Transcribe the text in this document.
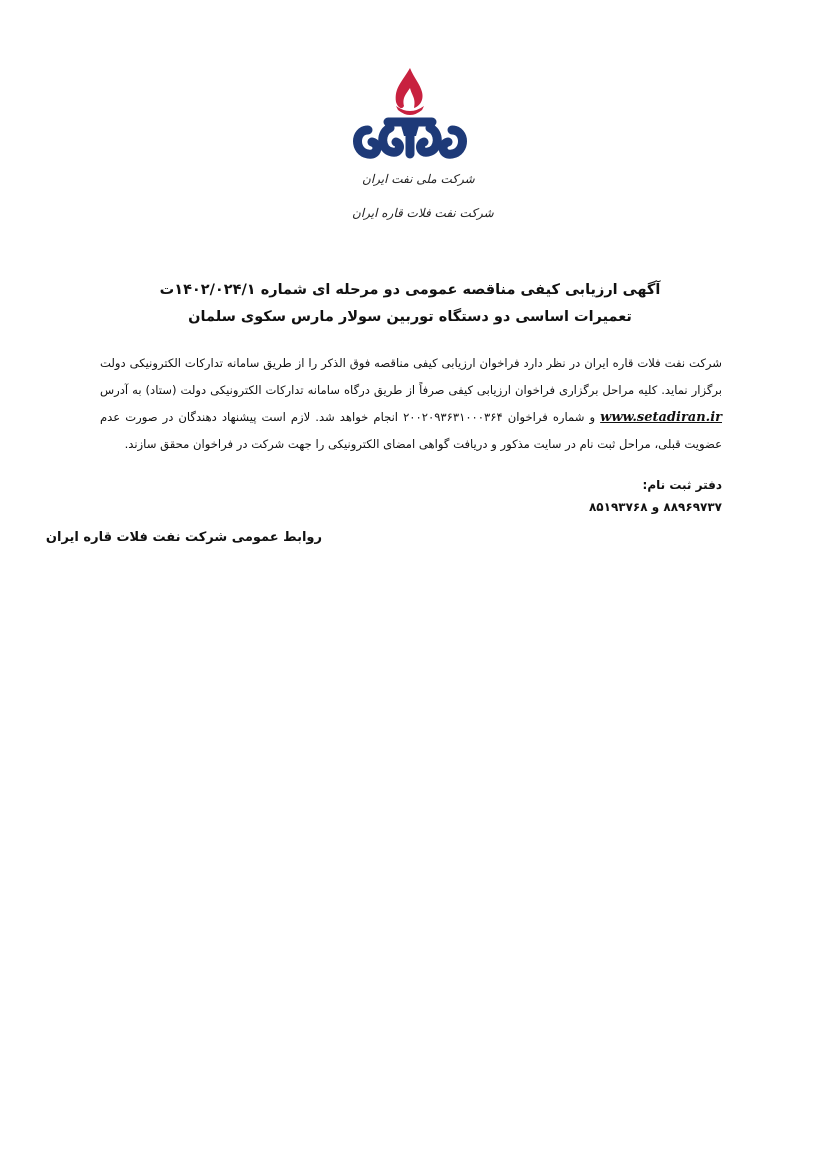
شرکت ملی نفت ایران
شرکت نفت فلات قاره ایران
آگهی ارزیابی کیفی مناقصه عمومی دو مرحله ای شماره ۱۴۰۲/۰۲۴/۱ت
تعمیرات اساسی دو دستگاه توربین سولار مارس سکوی سلمان

شرکت نفت فلات قاره ایران در نظر دارد فراخوان ارزیابی کیفی مناقصه فوق الذکر را از طریق سامانه تدارکات الکترونیکی دولت برگزار نماید. کلیه مراحل برگزاری فراخوان ارزیابی کیفی صرفاً از طریق درگاه سامانه تدارکات الکترونیکی دولت (ستاد) به آدرس www.setadiran.ir و شماره فراخوان ۲۰۰۲۰۹۳۶۳۱۰۰۰۳۶۴ انجام خواهد شد. لازم است پیشنهاد دهندگان در صورت عدم عضویت قبلی، مراحل ثبت نام در سایت مذکور و دریافت گواهی امضای الکترونیکی را جهت شرکت در فراخوان محقق سازند.

دفتر ثبت نام:
۸۸۹۶۹۷۳۷ و ۸۵۱۹۳۷۶۸
روابط عمومی شرکت نفت فلات قاره ایران
